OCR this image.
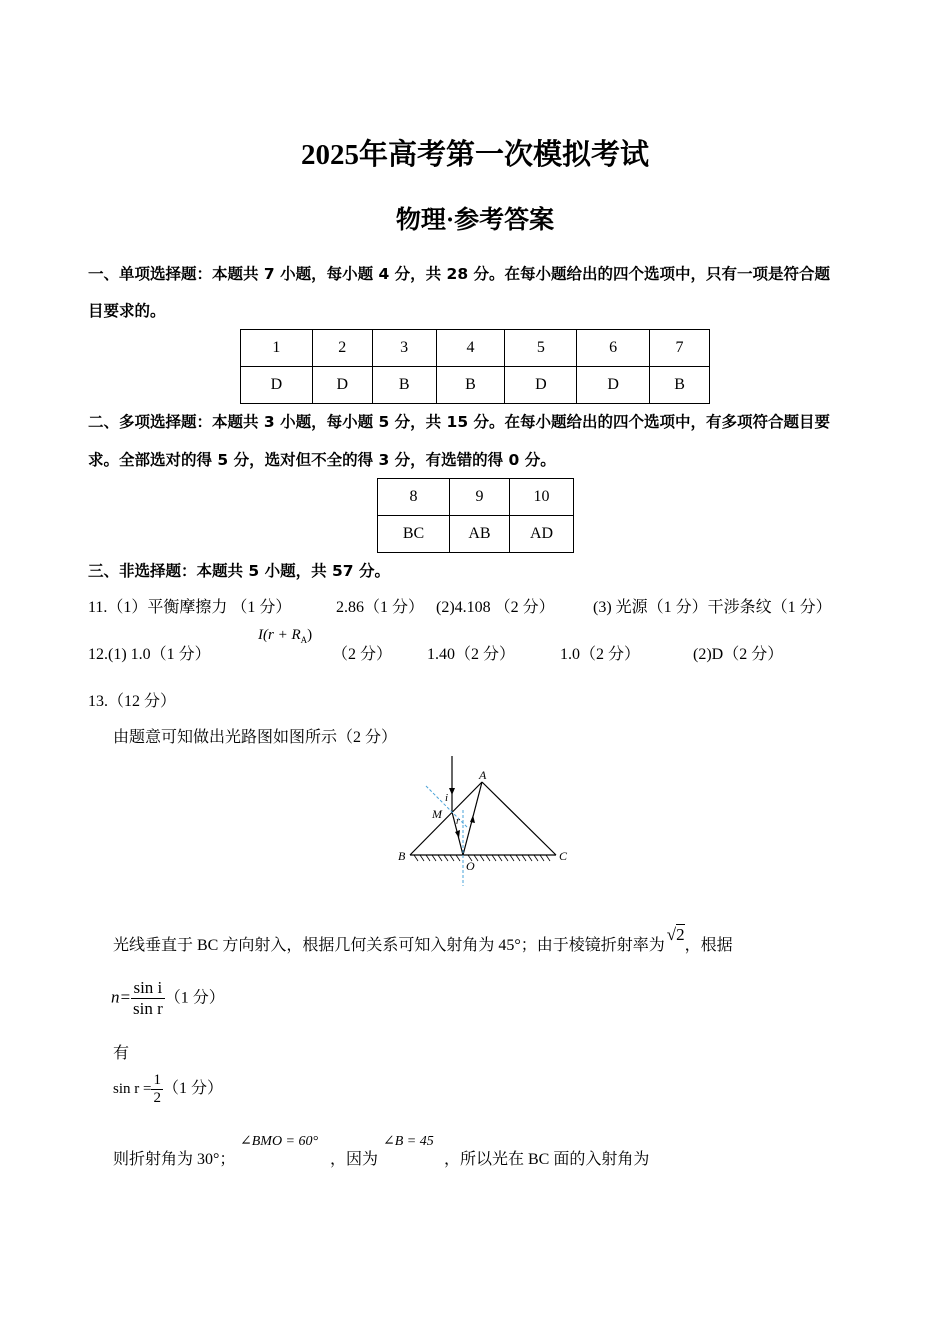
2025年高考第一次模拟考试
物理·参考答案
一、单项选择题：本题共 7 小题，每小题 4 分，共 28 分。在每小题给出的四个选项中，只有一项是符合题
目要求的。
1	2	3	4	5	6	7
D	D	B	B	D	D	B
二、多项选择题：本题共 3 小题，每小题 5 分，共 15 分。在每小题给出的四个选项中，有多项符合题目要
求。全部选对的得 5 分，选对但不全的得 3 分，有选错的得 0 分。
8	9	10
BC	AB	AD
三、非选择题：本题共 5 小题，共 57 分。
11.（1）平衡摩擦力 （1 分）	2.86（1 分） (2)4.108 （2 分） (3) 光源（1 分）干涉条纹（1 分）
12.(1) 1.0（1 分）
$I(r + R_A)$
（2 分） 1.40（2 分）	1.0（2 分）	(2)D（2 分）
13.（12 分）
由题意可知做出光路图如图所示（2 分）
A
B	C
M
O
i
r
光线垂直于 BC 方向射入，根据几何关系可知入射角为 45°；由于棱镜折射率为√2，根据
$n= \frac{\text{sin i}}{\text{sin r}} (1$ 分）
有
$\sin r = \frac{1}{2} (1$ 分）
则折射角为 30°；
∠BMO = 60°
，因为
∠B = 45
，所以光在 BC 面的入射角为
